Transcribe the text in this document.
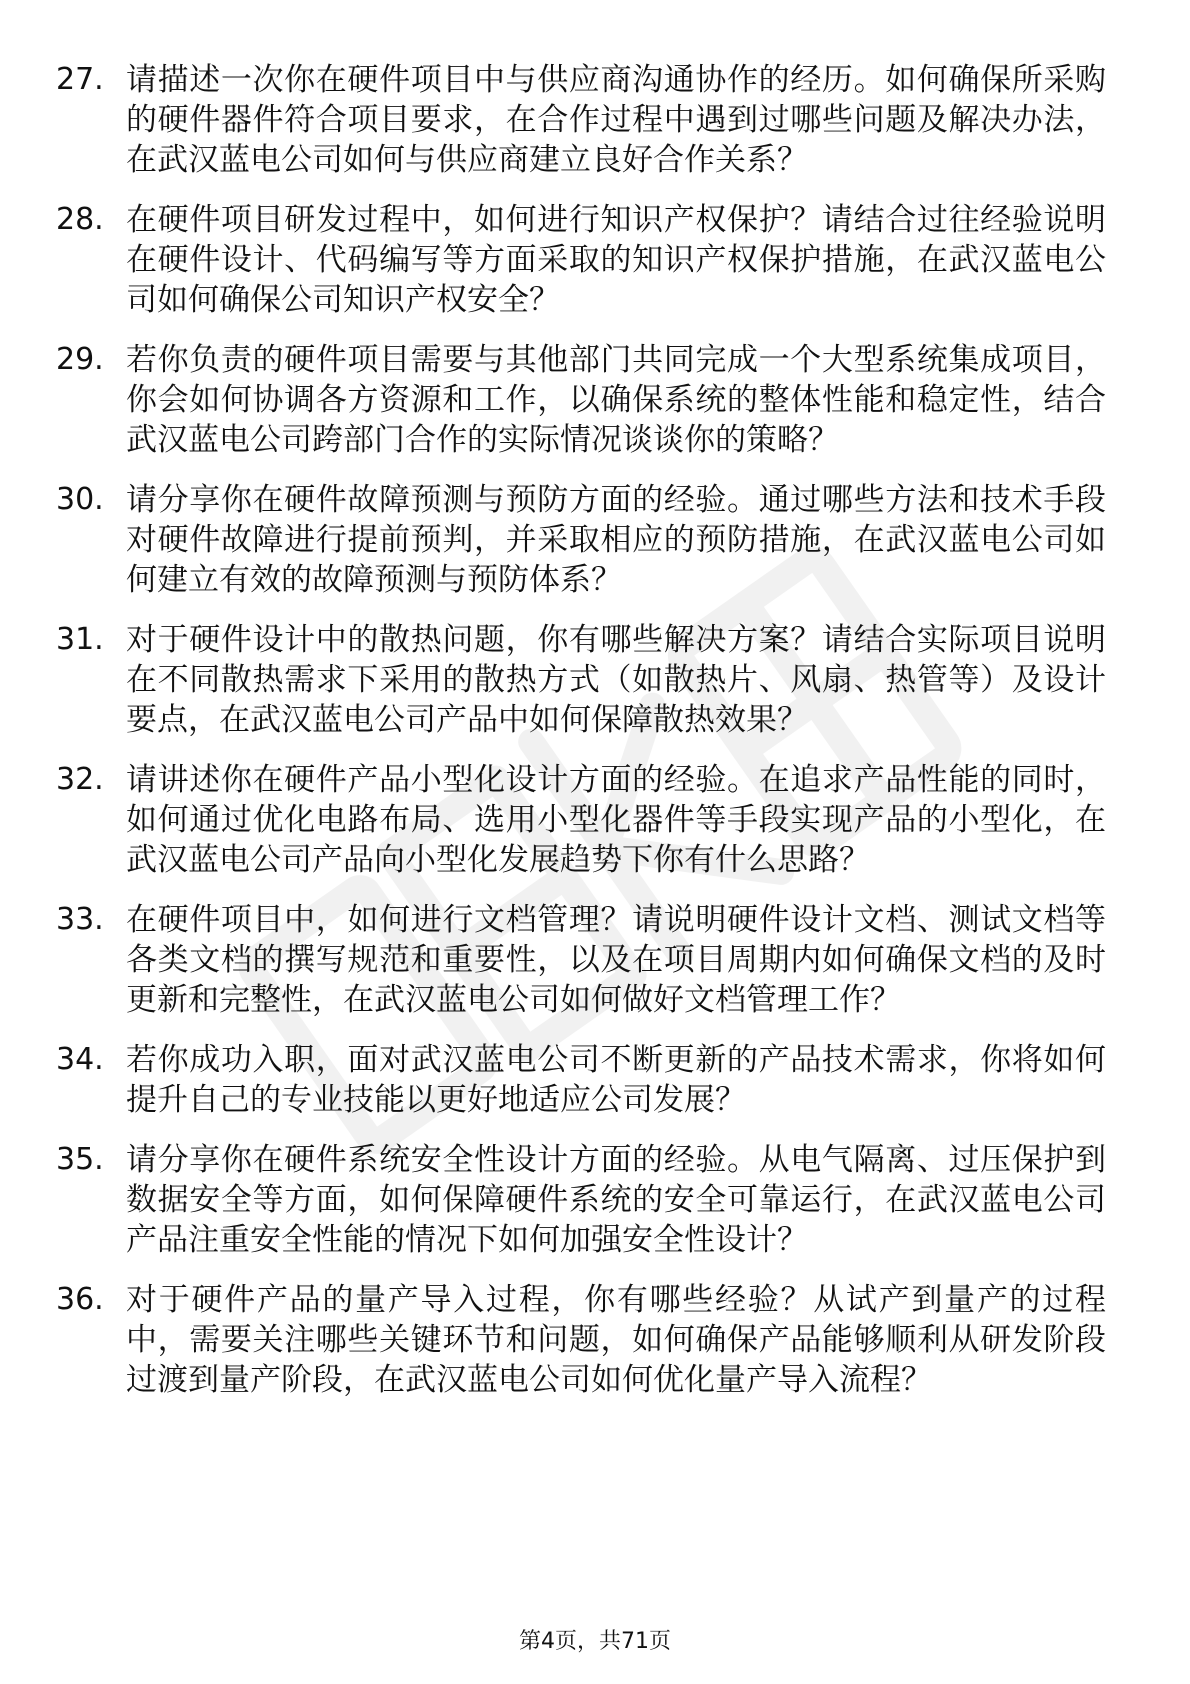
27. 请描述一次你在硬件项目中与供应商沟通协作的经历。如何确保所采购的硬件器件符合项目要求，在合作过程中遇到过哪些问题及解决办法，在武汉蓝电公司如何与供应商建立良好合作关系？
28. 在硬件项目研发过程中，如何进行知识产权保护？请结合过往经验说明在硬件设计、代码编写等方面采取的知识产权保护措施，在武汉蓝电公司如何确保公司知识产权安全？
29. 若你负责的硬件项目需要与其他部门共同完成一个大型系统集成项目，你会如何协调各方资源和工作，以确保系统的整体性能和稳定性，结合武汉蓝电公司跨部门合作的实际情况谈谈你的策略？
30. 请分享你在硬件故障预测与预防方面的经验。通过哪些方法和技术手段对硬件故障进行提前预判，并采取相应的预防措施，在武汉蓝电公司如何建立有效的故障预测与预防体系？
31. 对于硬件设计中的散热问题，你有哪些解决方案？请结合实际项目说明在不同散热需求下采用的散热方式（如散热片、风扇、热管等）及设计要点，在武汉蓝电公司产品中如何保障散热效果？
32. 请讲述你在硬件产品小型化设计方面的经验。在追求产品性能的同时，如何通过优化电路布局、选用小型化器件等手段实现产品的小型化，在武汉蓝电公司产品向小型化发展趋势下你有什么思路？
33. 在硬件项目中，如何进行文档管理？请说明硬件设计文档、测试文档等各类文档的撰写规范和重要性，以及在项目周期内如何确保文档的及时更新和完整性，在武汉蓝电公司如何做好文档管理工作？
34. 若你成功入职，面对武汉蓝电公司不断更新的产品技术需求，你将如何提升自己的专业技能以更好地适应公司发展？
35. 请分享你在硬件系统安全性设计方面的经验。从电气隔离、过压保护到数据安全等方面，如何保障硬件系统的安全可靠运行，在武汉蓝电公司产品注重安全性能的情况下如何加强安全性设计？
36. 对于硬件产品的量产导入过程，你有哪些经验？从试产到量产的过程中，需要关注哪些关键环节和问题，如何确保产品能够顺利从研发阶段过渡到量产阶段，在武汉蓝电公司如何优化量产导入流程？
第4页，共71页
